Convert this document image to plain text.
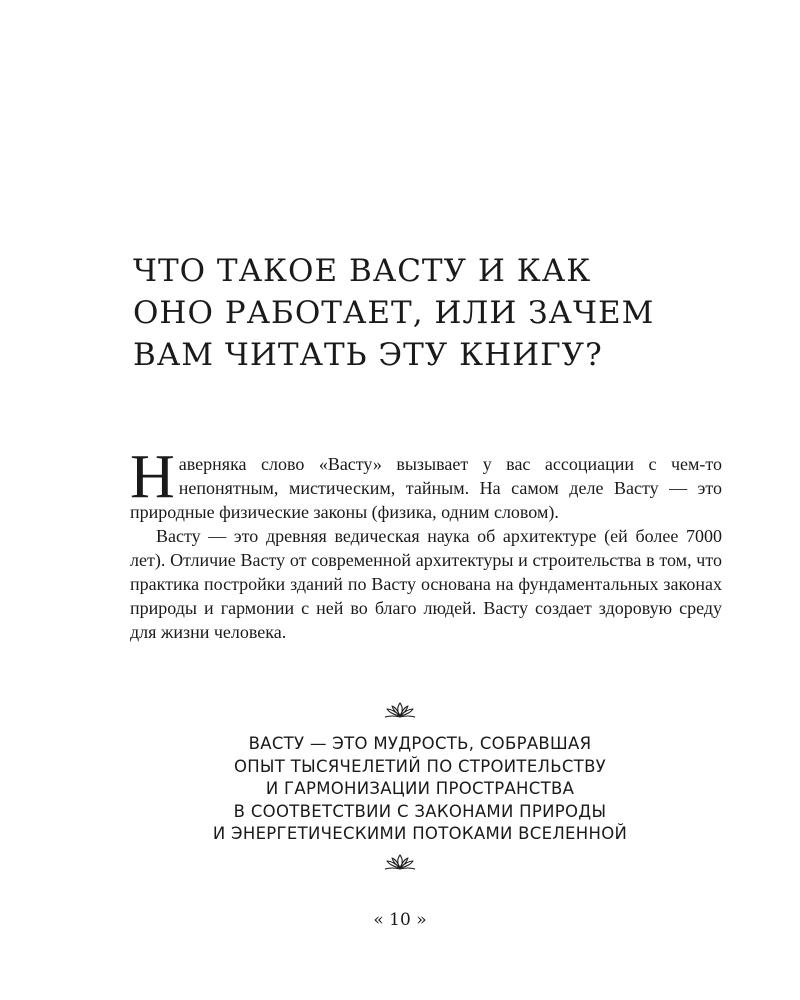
ЧТО ТАКОЕ ВАСТУ И КАК
ОНО РАБОТАЕТ, ИЛИ ЗАЧЕМ
ВАМ ЧИТАТЬ ЭТУ КНИГУ?

Наверняка слово «Васту» вызывает у вас ассоциации с чем-то непонятным, мистическим, тайным. На самом деле Васту — это природные физические законы (физика, одним словом).

Васту — это древняя ведическая наука об архитектуре (ей более 7000 лет). Отличие Васту от современной архитектуры и строительства в том, что практика постройки зданий по Васту основана на фундаментальных законах природы и гармонии с ней во благо людей. Васту создает здоровую среду для жизни человека.

ВАСТУ — ЭТО МУДРОСТЬ, СОБРАВШАЯ
ОПЫТ ТЫСЯЧЕЛЕТИЙ ПО СТРОИТЕЛЬСТВУ
И ГАРМОНИЗАЦИИ ПРОСТРАНСТВА
В СООТВЕТСТВИИ С ЗАКОНАМИ ПРИРОДЫ
И ЭНЕРГЕТИЧЕСКИМИ ПОТОКАМИ ВСЕЛЕННОЙ
« 10 »
